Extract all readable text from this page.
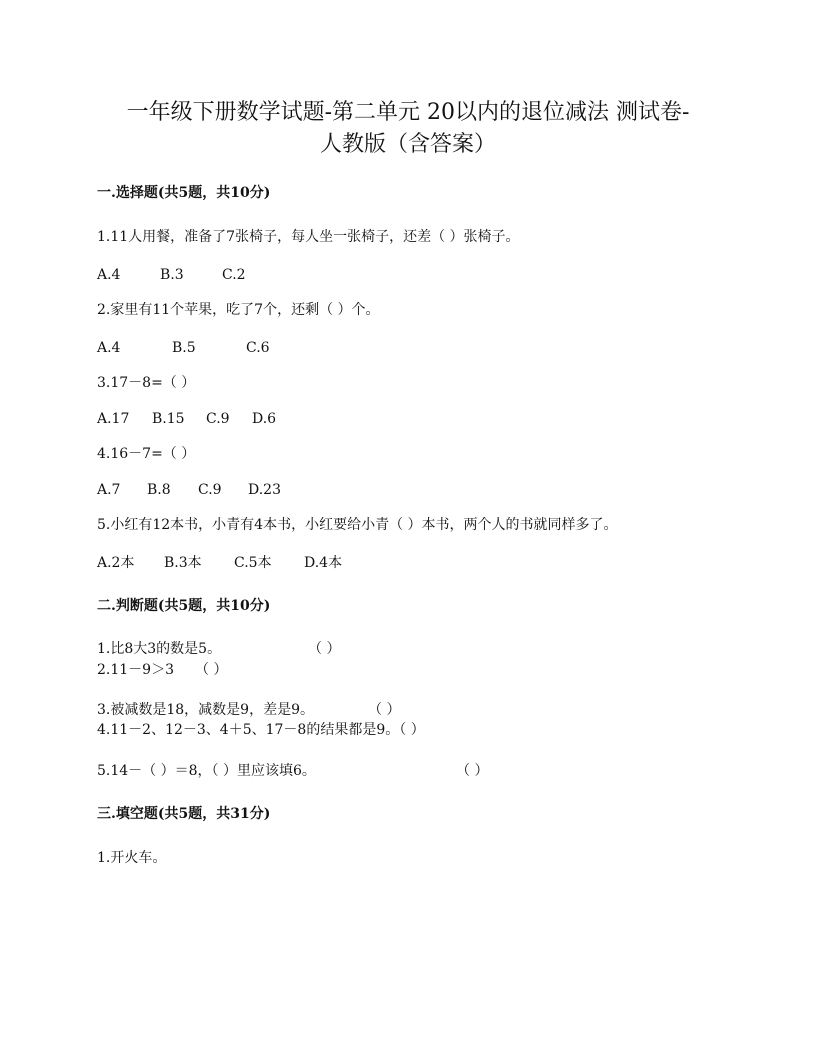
一年级下册数学试题-第二单元 20以内的退位减法 测试卷-
人教版（含答案）
一.选择题(共5题，共10分)
1.11人用餐，准备了7张椅子，每人坐一张椅子，还差（ ）张椅子。
A.4	B.3	C.2
2.家里有11个苹果，吃了7个，还剩（ ）个。
A.4	B.5	C.6
3.17－8=（ ）
A.17 B.15 C.9 D.6
4.16－7=（ ）
A.7 B.8 C.9 D.23
5.小红有12本书，小青有4本书，小红要给小青（ ）本书，两个人的书就同样多了。
A.2本 B.3本 C.5本 D.4本
二.判断题(共5题，共10分)
1.比8大3的数是5。	（ ）
2.11－9＞3 （ ）
3.被减数是18，减数是9，差是9。	（ ）
4.11－2、12－3、4＋5、17－8的结果都是9。（ ）
5.14－（ ）＝8，（ ）里应该填6。	（ ）
三.填空题(共5题，共31分)
1.开火车。
